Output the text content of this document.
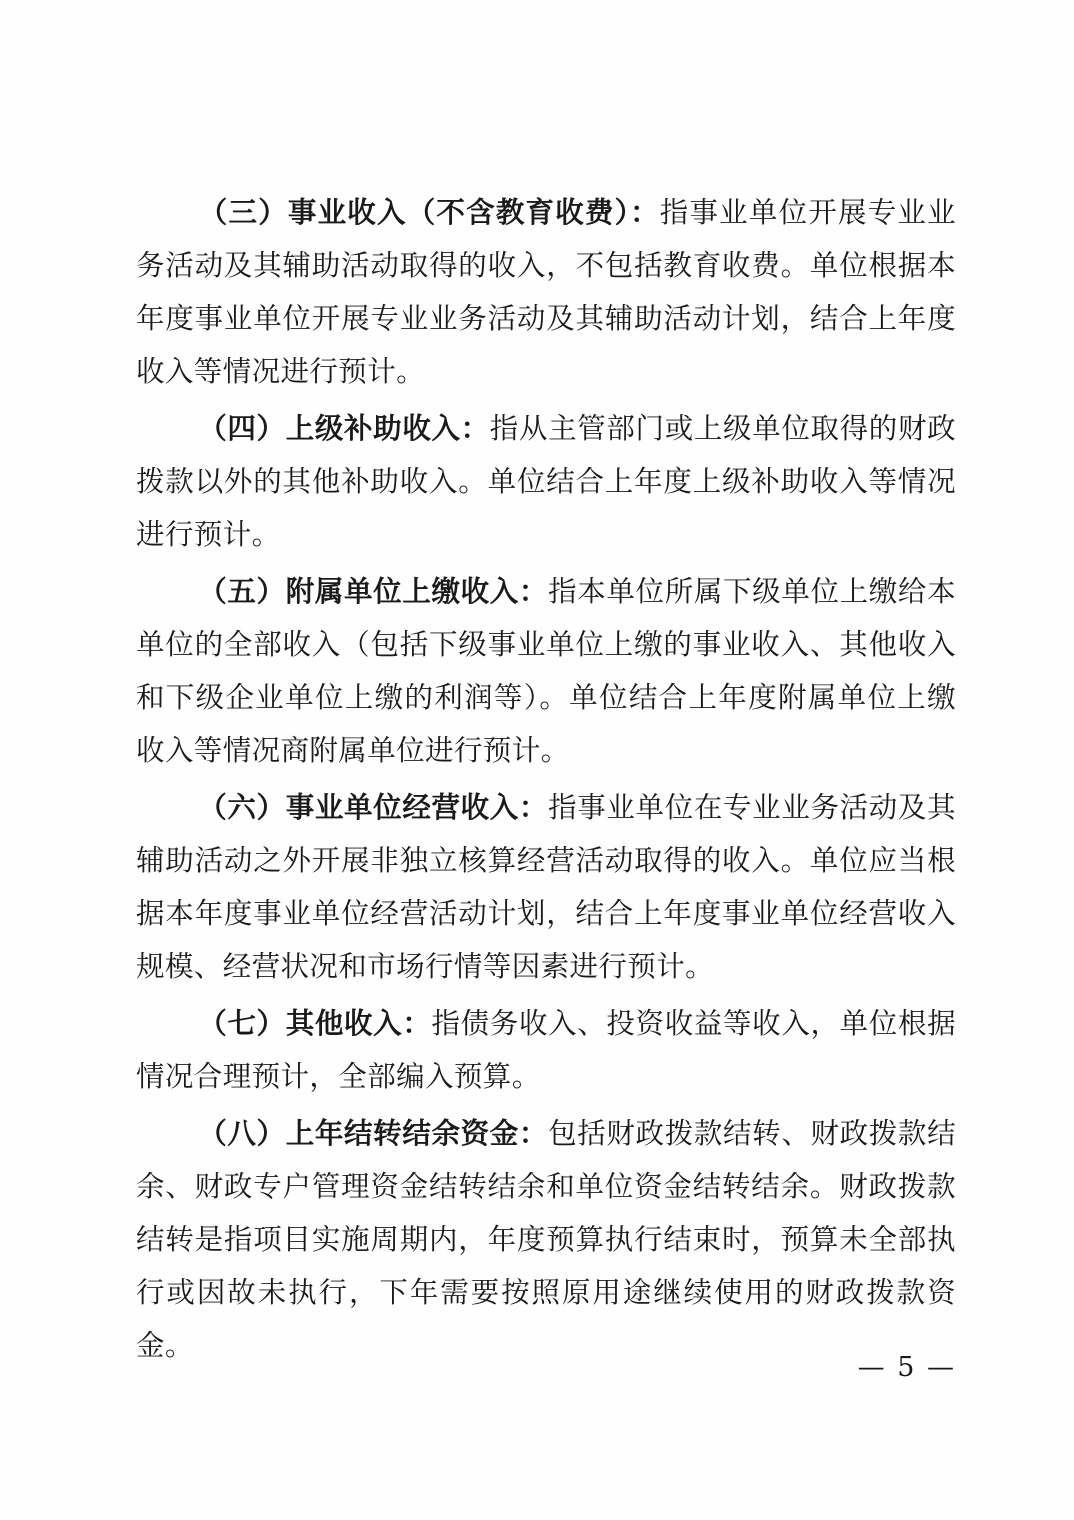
（三）事业收入（不含教育收费）：指事业单位开展专业业务活动及其辅助活动取得的收入，不包括教育收费。单位根据本年度事业单位开展专业业务活动及其辅助活动计划，结合上年度收入等情况进行预计。

（四）上级补助收入：指从主管部门或上级单位取得的财政拨款以外的其他补助收入。单位结合上年度上级补助收入等情况进行预计。

（五）附属单位上缴收入：指本单位所属下级单位上缴给本单位的全部收入（包括下级事业单位上缴的事业收入、其他收入和下级企业单位上缴的利润等）。单位结合上年度附属单位上缴收入等情况商附属单位进行预计。

（六）事业单位经营收入：指事业单位在专业业务活动及其辅助活动之外开展非独立核算经营活动取得的收入。单位应当根据本年度事业单位经营活动计划，结合上年度事业单位经营收入规模、经营状况和市场行情等因素进行预计。

（七）其他收入：指债务收入、投资收益等收入，单位根据情况合理预计，全部编入预算。

（八）上年结转结余资金：包括财政拨款结转、财政拨款结余、财政专户管理资金结转结余和单位资金结转结余。财政拨款结转是指项目实施周期内，年度预算执行结束时，预算未全部执行或因故未执行，下年需要按照原用途继续使用的财政拨款资金。

— 5 —
